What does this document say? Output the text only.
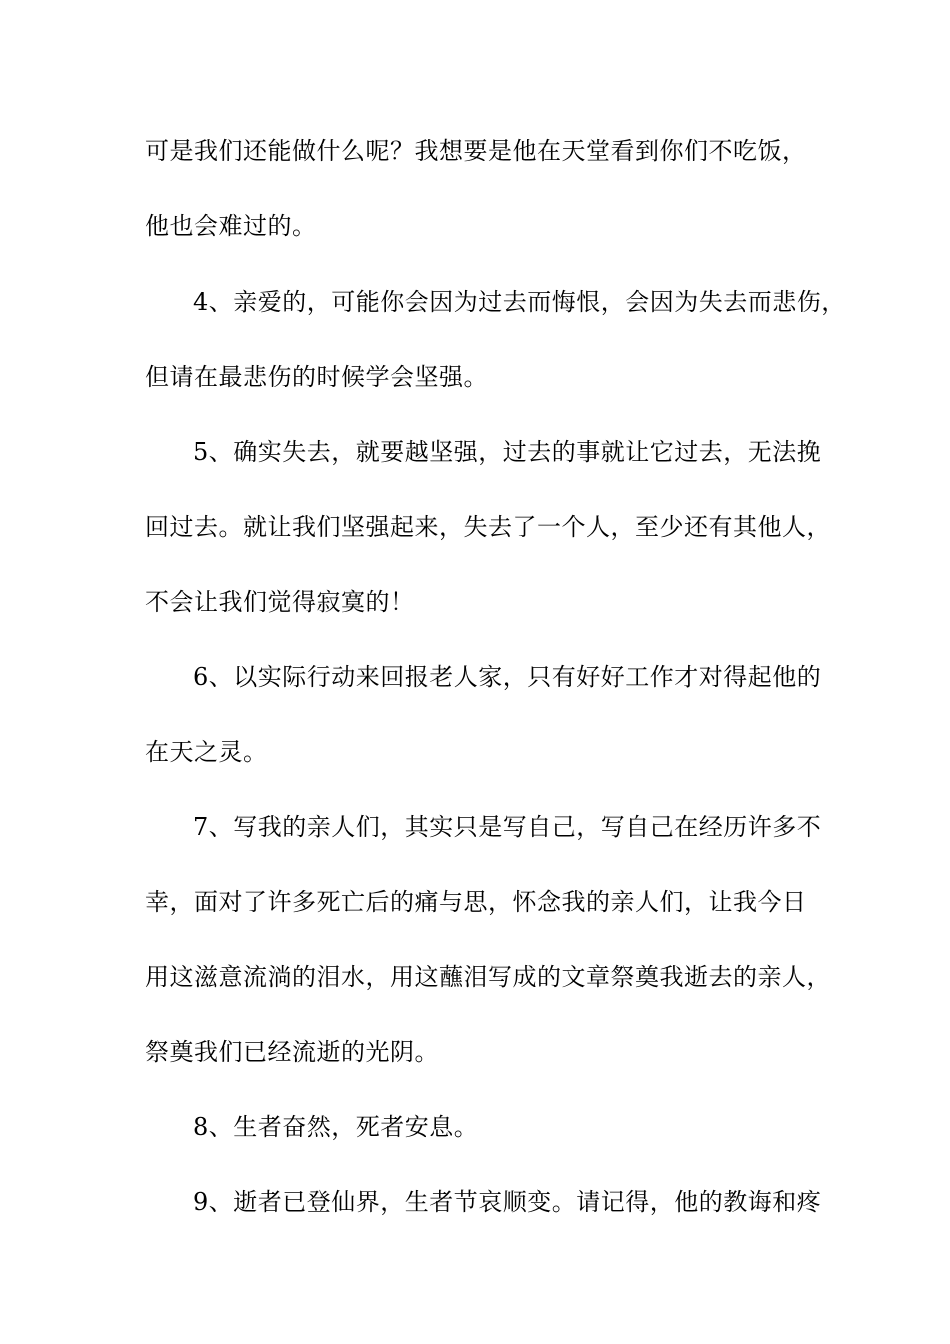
可是我们还能做什么呢？我想要是他在天堂看到你们不吃饭，
他也会难过的。
4、亲爱的，可能你会因为过去而悔恨，会因为失去而悲伤，
但请在最悲伤的时候学会坚强。
5、确实失去，就要越坚强，过去的事就让它过去，无法挽
回过去。就让我们坚强起来，失去了一个人，至少还有其他人，
不会让我们觉得寂寞的！
6、以实际行动来回报老人家，只有好好工作才对得起他的
在天之灵。
7、写我的亲人们，其实只是写自己，写自己在经历许多不
幸，面对了许多死亡后的痛与思，怀念我的亲人们，让我今日
用这滋意流淌的泪水，用这蘸泪写成的文章祭奠我逝去的亲人，
祭奠我们已经流逝的光阴。
8、生者奋然，死者安息。
9、逝者已登仙界，生者节哀顺变。请记得，他的教诲和疼
